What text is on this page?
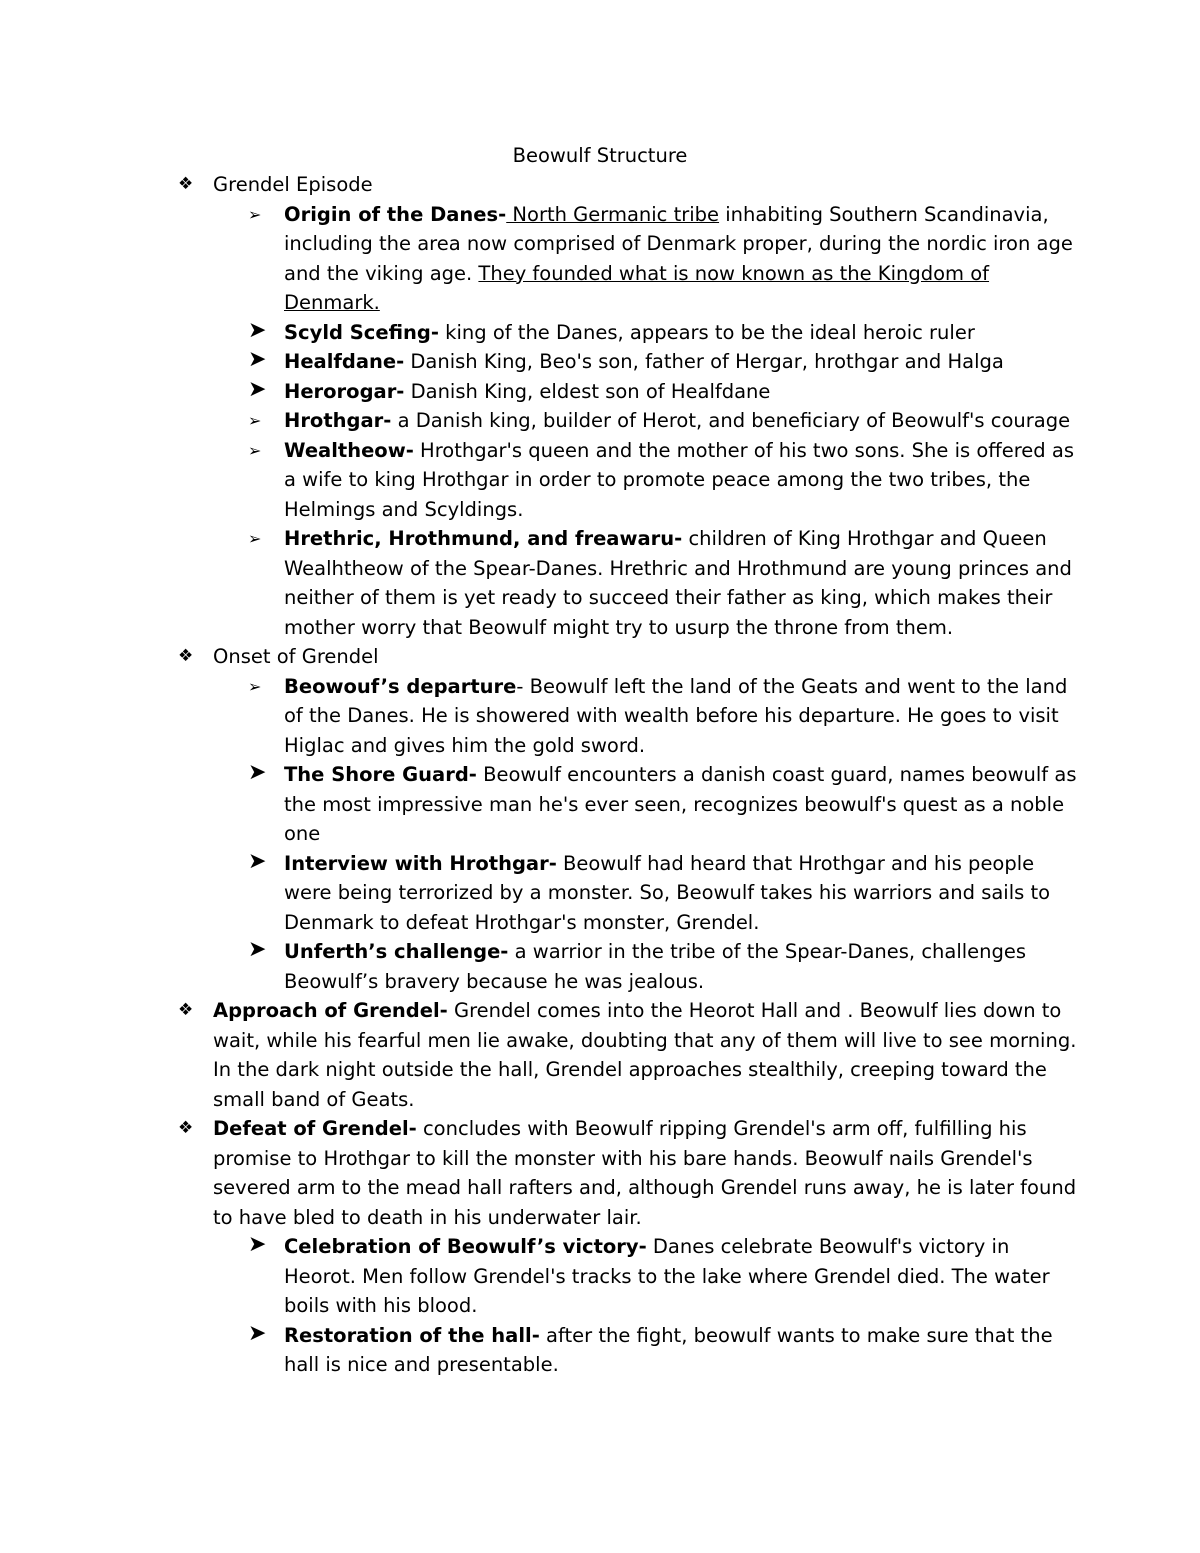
Beowulf Structure
❖ Grendel Episode
➢ Origin of the Danes- North Germanic tribe inhabiting Southern Scandinavia, including the area now comprised of Denmark proper, during the nordic iron age and the viking age. They founded what is now known as the Kingdom of Denmark.
➤ Scyld Scefing- king of the Danes, appears to be the ideal heroic ruler
➤ Healfdane- Danish King, Beo's son, father of Hergar, hrothgar and Halga
➤ Herorogar- Danish King, eldest son of Healfdane
➢ Hrothgar- a Danish king, builder of Herot, and beneficiary of Beowulf's courage
➢ Wealtheow- Hrothgar's queen and the mother of his two sons. She is offered as a wife to king Hrothgar in order to promote peace among the two tribes, the Helmings and Scyldings.
➢ Hrethric, Hrothmund, and freawaru- children of King Hrothgar and Queen Wealhtheow of the Spear-Danes. Hrethric and Hrothmund are young princes and neither of them is yet ready to succeed their father as king, which makes their mother worry that Beowulf might try to usurp the throne from them.
❖ Onset of Grendel
➢ Beowouf’s departure- Beowulf left the land of the Geats and went to the land of the Danes. He is showered with wealth before his departure. He goes to visit Higlac and gives him the gold sword.
➤ The Shore Guard- Beowulf encounters a danish coast guard, names beowulf as the most impressive man he's ever seen, recognizes beowulf's quest as a noble one
➤ Interview with Hrothgar- Beowulf had heard that Hrothgar and his people were being terrorized by a monster. So, Beowulf takes his warriors and sails to Denmark to defeat Hrothgar's monster, Grendel.
➤ Unferth’s challenge- a warrior in the tribe of the Spear-Danes, challenges Beowulf’s bravery because he was jealous.
❖ Approach of Grendel- Grendel comes into the Heorot Hall and . Beowulf lies down to wait, while his fearful men lie awake, doubting that any of them will live to see morning. In the dark night outside the hall, Grendel approaches stealthily, creeping toward the small band of Geats.
❖ Defeat of Grendel- concludes with Beowulf ripping Grendel's arm off, fulfilling his promise to Hrothgar to kill the monster with his bare hands. Beowulf nails Grendel's severed arm to the mead hall rafters and, although Grendel runs away, he is later found to have bled to death in his underwater lair.
➤ Celebration of Beowulf’s victory- Danes celebrate Beowulf's victory in Heorot. Men follow Grendel's tracks to the lake where Grendel died. The water boils with his blood.
➤ Restoration of the hall- after the fight, beowulf wants to make sure that the hall is nice and presentable.
